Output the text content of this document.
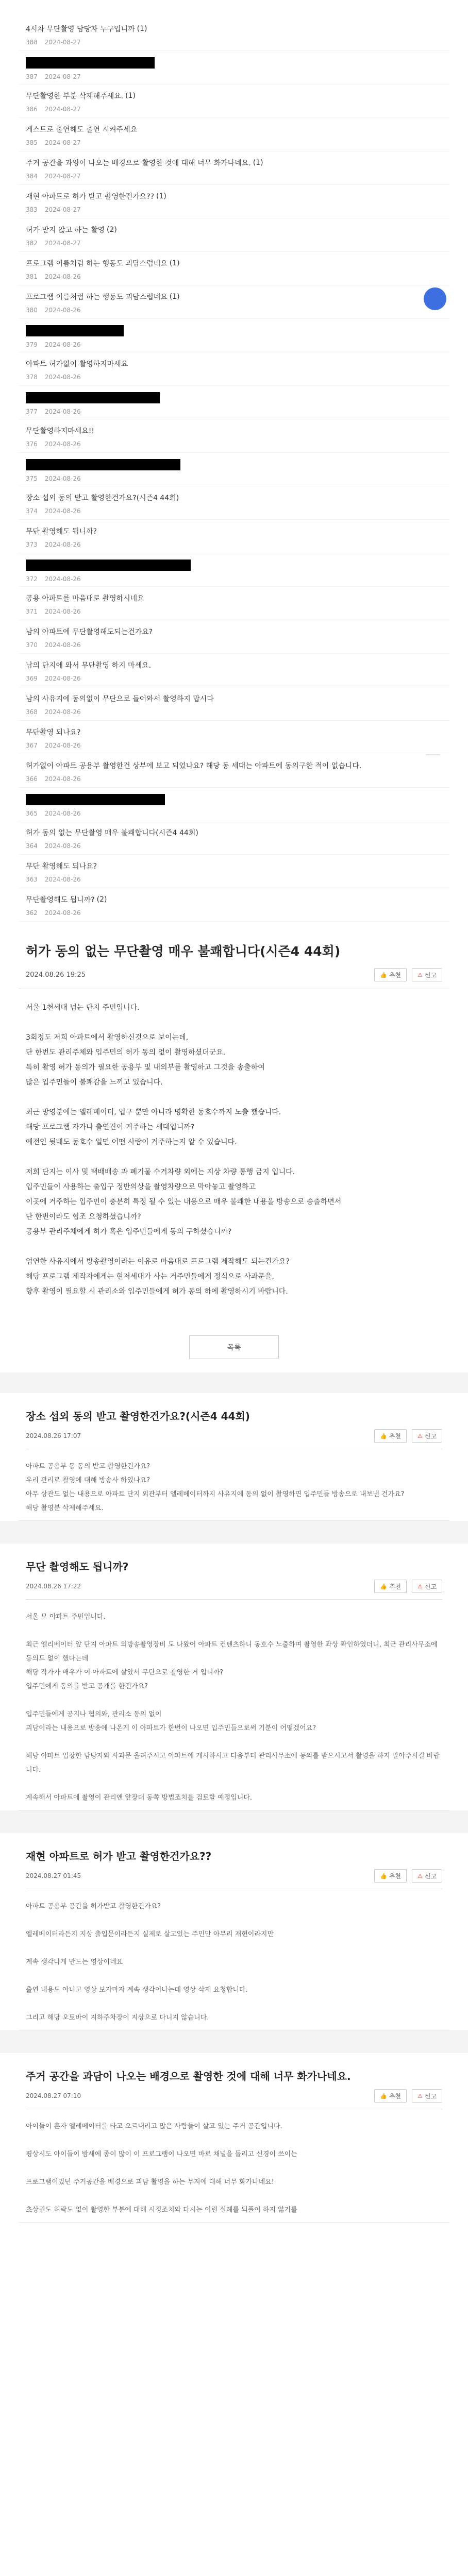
4시차 무단촬영 담당자 누구입니까 (1)
388 2024-08-27
387 2024-08-27
무단촬영한 부분 삭제해주세요. (1)
386 2024-08-27
게스트로 출연해도 출연 시켜주세요
385 2024-08-27
주거 공간을 과잉이 나오는 배경으로 촬영한 것에 대해 너무 화가나네요. (1)
384 2024-08-27
재현 아파트로 허가 받고 촬영한건가요?? (1)
383 2024-08-27
허가 받지 않고 하는 촬영 (2)
382 2024-08-27
프로그램 이름처럼 하는 행동도 괴담스럽네요 (1)
381 2024-08-26
프로그램 이름처럼 하는 행동도 괴담스럽네요 (1)
380 2024-08-26
379 2024-08-26
아파트 허가없이 촬영하지마세요
378 2024-08-26
377 2024-08-26
무단촬영하지마세요!!
376 2024-08-26
375 2024-08-26
장소 섭외 동의 받고 촬영한건가요?(시즌4 44회)
374 2024-08-26
무단 촬영해도 됩니까?
373 2024-08-26
372 2024-08-26
공용 아파트를 마음대로 촬영하시네요
371 2024-08-26
남의 아파트에 무단촬영해도되는건가요?
370 2024-08-26
남의 단지에 와서 무단촬영 하지 마세요.
369 2024-08-26
남의 사유지에 동의없이 무단으로 들어와서 촬영하지 맙시다
368 2024-08-26
무단촬영 되나요?
367 2024-08-26
허가없이 아파트 공용부 촬영한건 상부에 보고 되었나요? 해당 동 세대는 아파트에 동의구한 적이 없습니다.
366 2024-08-26
365 2024-08-26
허가 동의 없는 무단촬영 매우 불쾌합니다(시즌4 44회)
364 2024-08-26
무단 촬영해도 되나요?
363 2024-08-26
무단촬영해도 됩니까? (2)
362 2024-08-26
허가 동의 없는 무단촬영 매우 불쾌합니다(시즌4 44회)
2024.08.26 19:25	👍 추천	⚠ 신고

서울 1천세대 넘는 단지 주민입니다.

3회정도 저희 아파트에서 촬영하신것으로 보이는데,

단 한번도 관리주체와 입주민의 허가 동의 없이 촬영하셨더군요.

특히 촬영 허가 동의가 필요한 공용부 및 내외부를 촬영하고 그것을 송출하여

많은 입주민들이 불쾌감을 느끼고 있습니다.

최근 방영분에는 엘레베이터, 입구 뿐만 아니라 명확한 동호수까지 노출 했습니다.

해당 프로그램 자가나 출연진이 거주하는 세대입니까?

예전인 뒷배도 동호수 일면 어떤 사람이 거주하는지 알 수 있습니다.

저희 단지는 이사 및 택배배송 과 폐기물 수거차량 외에는 지상 차량 통행 금지 입니다.

입주민들이 사용하는 출입구 정반의상을 촬영차량으로 막아놓고 촬영하고

이곳에 거주하는 입주민이 충분히 특정 될 수 있는 내용으로 매우 불쾌한 내용을 방송으로 송출하면서

단 한번이라도 협조 요청하셨습니까?

공용부 관리주체에게 허가 혹은 입주민들에게 동의 구하셨습니까?

엄연한 사유지에서 방송촬영이라는 이유로 마음대로 프로그램 제작해도 되는건가요?

해당 프로그램 제작자에게는 현저세대가 사는 거주민들에게 정식으로 사과문을,

향후 촬영이 필요할 시 관리소와 입주민들에게 허가 동의 하에 촬영하시기 바랍니다.

목록
장소 섭외 동의 받고 촬영한건가요?(시즌4 44회)
2024.08.26 17:07	👍 추천	⚠ 신고

아파트 공용부 동 동의 받고 촬영한건가요?

우리 관리로 촬영에 대해 방송사 하였나요?

아무 상관도 없는 내용으로 아파트 단지 외관부터 엘레베이터까지 사유지에 동의 없이 촬영하면 입주민들 방송으로 내보낸 건가요?

해당 촬영분 삭제해주세요.

무단 촬영해도 됩니까?
2024.08.26 17:22	👍 추천	⚠ 신고

서울 모 아파트 주민입니다.

최근 엘리베이터 앞 단지 아파트 의방송촬영장비 도 나왔어 아파트 컨텐츠하니 동호수 노출하며 촬영한 좌상 확인하였더니, 최근 관리사무소에 동의도 없이 했다는데

해당 작가가 배우가 이 아파트에 살았서 무단으로 촬영한 거 입니까?

입주민에게 동의를 받고 공개를 한건가요?

입주민들에게 공지나 협의와, 관리소 동의 없이

괴담이라는 내용으로 방송에 나온게 이 아파트가 한번이 나오면 입주민들으로써 기분이 어떻겠어요?

해당 아파트 입장한 담당자와 사과문 올려주시고 아파트에 게시하시고 다음부터 관리사무소에 동의를 받으시고서 촬영을 하지 말아주시길 바랍니다.

계속해서 아파트에 촬영이 관리앤 앞장대 동쪽 방법조치를 검토할 예정입니다.

재현 아파트로 허가 받고 촬영한건가요??
2024.08.27 01:45	👍 추천	⚠ 신고

아파트 공용부 공간을 허가받고 촬영한건가요?

엘레베이터라든지 지상 출입문이라든지 실제로 살고있는 주민만 아무리 재현이라지만

계속 생각나게 만드는 영상이네요

출연 내용도 아니고 영상 보자마자 계속 생각이나는데 영상 삭제 요청합니다.

그리고 해당 오토바이 지하주차장이 지상으로 다니지 않습니다.

주거 공간을 과담이 나오는 배경으로 촬영한 것에 대해 너무 화가나네요.
2024.08.27 07:10	👍 추천	⚠ 신고

아이들이 혼자 엘레베이터를 타고 오르내리고 많은 사람들이 살고 있는 주거 공간입니다.

평상시도 아이들이 밤새에 종이 많이 이 프로그램이 나오면 바로 채널을 돌리고 신경이 쓰이는

프로그램이었던 주거공간을 배경으로 괴담 촬영을 하는 무지에 대해 너무 화가나네요!

초상권도 허락도 없이 촬영한 부분에 대해 시정조치와 다시는 이런 실례를 되풀이 하지 않기를
